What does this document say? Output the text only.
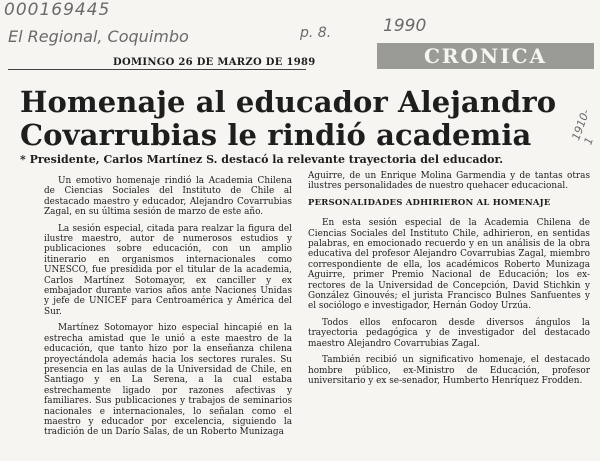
000169445
El Regional, Coquimbo	p. 8.	1990
1910-1
DOMINGO 26 DE MARZO DE 1989	CRONICA
Homenaje al educador Alejandro
Covarrubias le rindió academia
* Presidente, Carlos Martínez S. destacó la relevante trayectoria del educador.

Un emotivo homenaje rindió la Academia Chilena de Ciencias Sociales del Instituto de Chile al destacado maestro y educador, Alejandro Covarrubias Zagal, en su última sesión de marzo de este año.

La sesión especial, citada para realzar la figura del ilustre maestro, autor de numerosos estudios y publicaciones sobre educación, con un amplio itinerario en organismos internacionales como UNESCO, fue presidida por el titular de la academia, Carlos Martínez Sotomayor, ex canciller y ex embajador durante varios años ante Naciones Unidas y jefe de UNICEF para Centroamérica y América del Sur.

Martínez Sotomayor hizo especial hincapié en la estrecha amistad que le unió a este maestro de la educación, que tanto hizo por la enseñanza chilena proyectándola además hacia los sectores rurales. Su presencia en las aulas de la Universidad de Chile, en Santiago y en La Serena, a la cual estaba estrechamente ligado por razones afectivas y familiares. Sus publicaciones y trabajos de seminarios nacionales e internacionales, lo señalan como el maestro y educador por excelencia, siguiendo la tradición de un Darío Salas, de un Roberto Munizaga

Aguirre, de un Enrique Molina Garmendia y de tantas otras ilustres personalidades de nuestro quehacer educacional.

PERSONALIDADES ADHIRIERON AL HOMENAJE

En esta sesión especial de la Academia Chilena de Ciencias Sociales del Instituto Chile, adhirieron, en sentidas palabras, en emocionado recuerdo y en un análisis de la obra educativa del profesor Alejandro Covarrubias Zagal, miembro correspondiente de ella, los académicos Roberto Munizaga Aguirre, primer Premio Nacional de Educación; los ex-rectores de la Universidad de Concepción, David Stichkin y González Ginouvés; el jurista Francisco Bulnes Sanfuentes y el sociólogo e investigador, Hernán Godoy Urzúa.

Todos ellos enfocaron desde diversos ángulos la trayectoria pedagógica y de investigador del destacado maestro Alejandro Covarrubias Zagal.

También recibió un significativo homenaje, el destacado hombre público, ex-Ministro de Educación, profesor universitario y ex se-senador, Humberto Henríquez Frodden.
